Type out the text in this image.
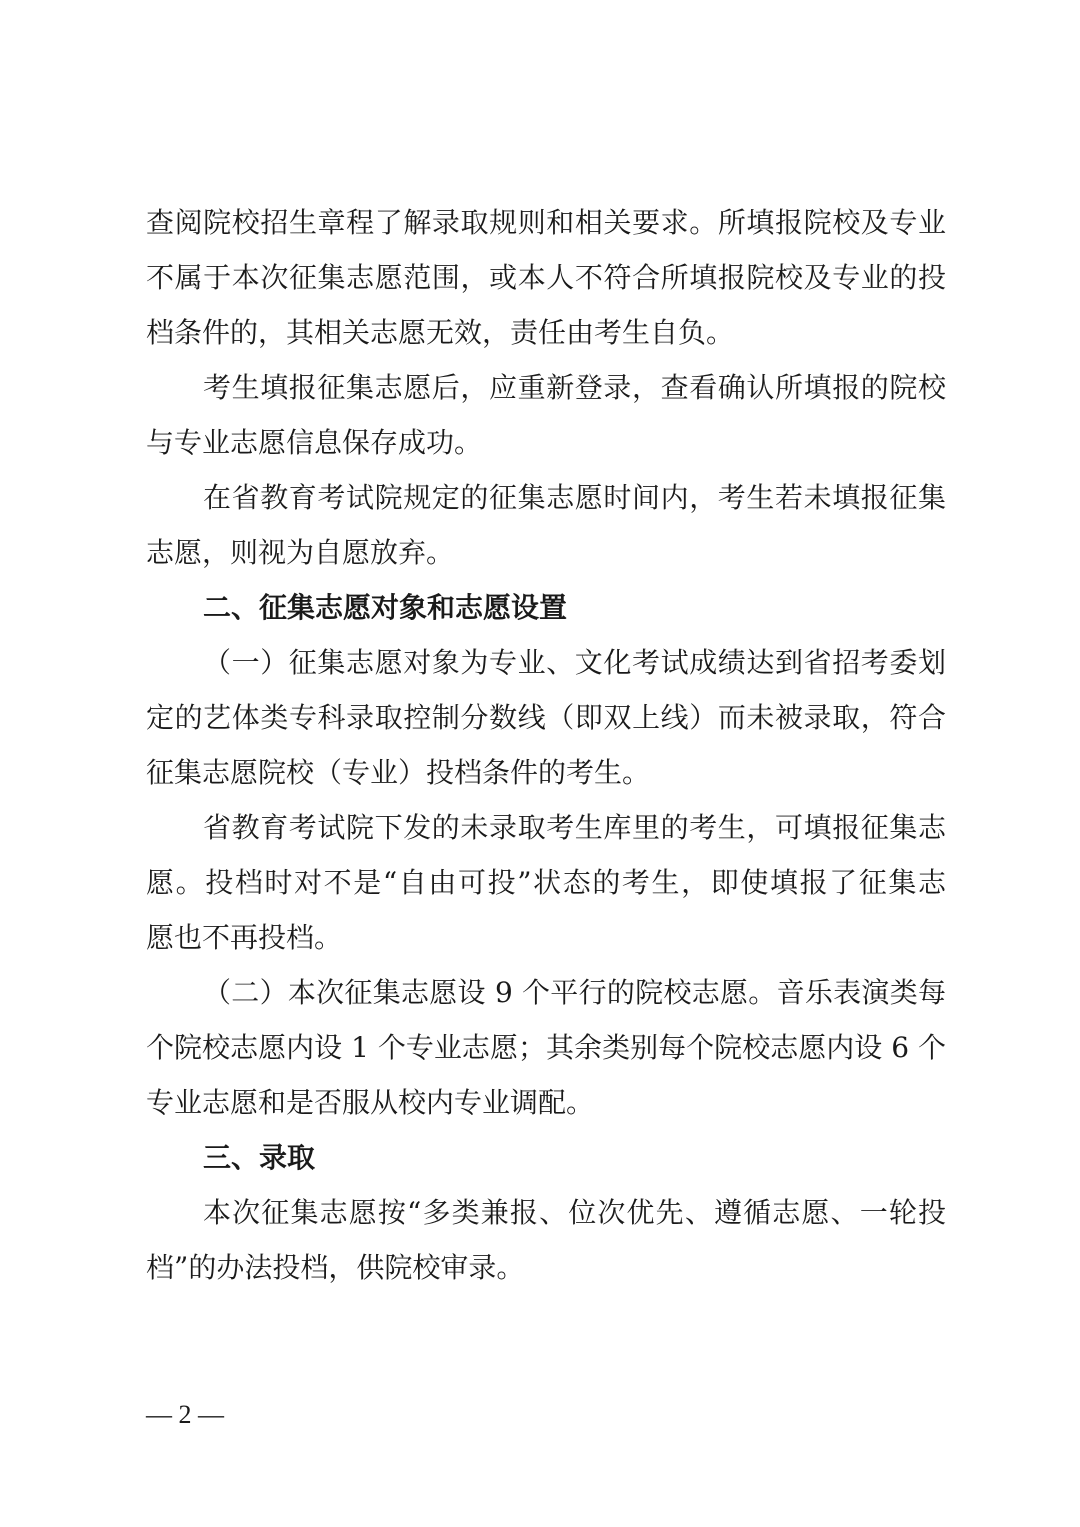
查阅院校招生章程了解录取规则和相关要求。所填报院校及专业
不属于本次征集志愿范围，或本人不符合所填报院校及专业的投
档条件的，其相关志愿无效，责任由考生自负。
考生填报征集志愿后，应重新登录，查看确认所填报的院校
与专业志愿信息保存成功。
在省教育考试院规定的征集志愿时间内，考生若未填报征集
志愿，则视为自愿放弃。
二、征集志愿对象和志愿设置
（一）征集志愿对象为专业、文化考试成绩达到省招考委划
定的艺体类专科录取控制分数线（即双上线）而未被录取，符合
征集志愿院校（专业）投档条件的考生。
省教育考试院下发的未录取考生库里的考生，可填报征集志
愿。投档时对不是“自由可投”状态的考生，即使填报了征集志
愿也不再投档。
（二）本次征集志愿设 9 个平行的院校志愿。音乐表演类每
个院校志愿内设 1 个专业志愿；其余类别每个院校志愿内设 6 个
专业志愿和是否服从校内专业调配。
三、录取
本次征集志愿按“多类兼报、位次优先、遵循志愿、一轮投
档”的办法投档，供院校审录。
— 2 —
